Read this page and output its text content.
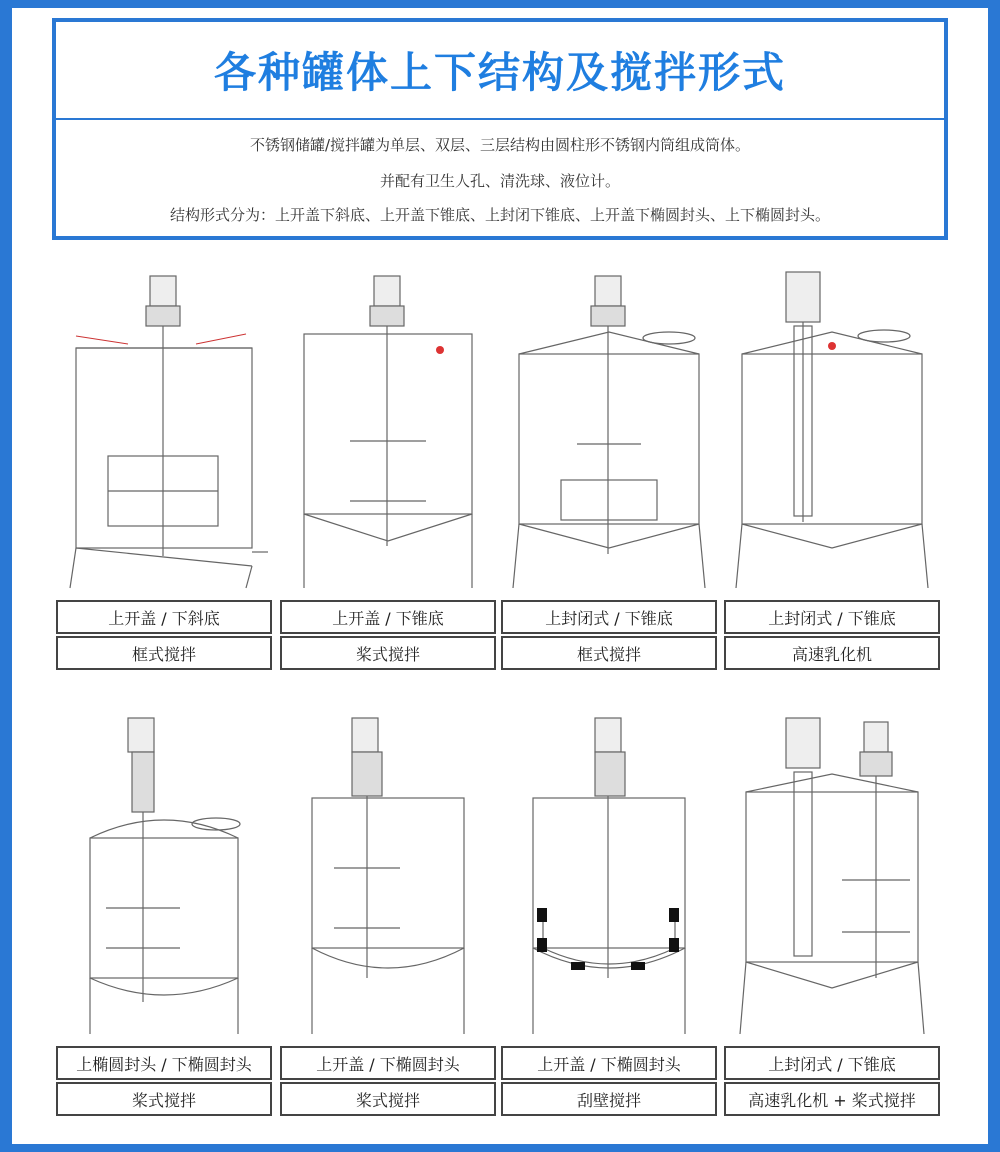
各种罐体上下结构及搅拌形式
不锈钢储罐/搅拌罐为单层、双层、三层结构由圆柱形不锈钢内筒组成筒体。
并配有卫生人孔、清洗球、液位计。
结构形式分为：上开盖下斜底、上开盖下锥底、上封闭下锥底、上开盖下椭圆封头、上下椭圆封头。
上开盖 / 下斜底
框式搅拌
上开盖 / 下锥底
桨式搅拌
上封闭式 / 下锥底
框式搅拌
上封闭式 / 下锥底
高速乳化机
上椭圆封头 / 下椭圆封头
桨式搅拌
上开盖 / 下椭圆封头
桨式搅拌
上开盖 / 下椭圆封头
刮壁搅拌
上封闭式 / 下锥底
高速乳化机 + 桨式搅拌
